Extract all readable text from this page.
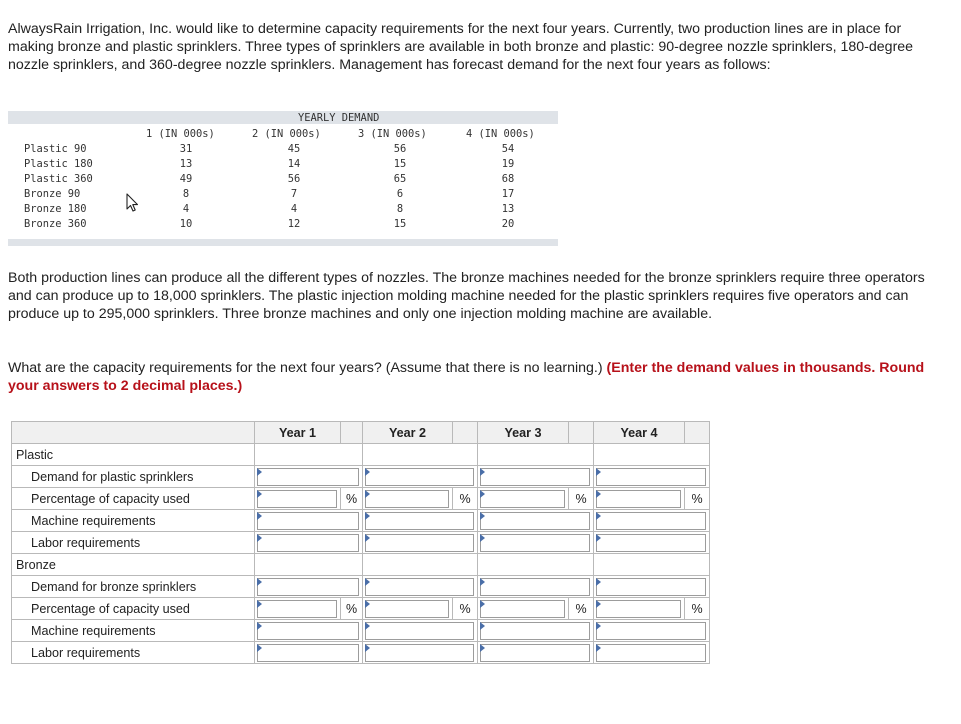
AlwaysRain Irrigation, Inc. would like to determine capacity requirements for the next four years. Currently, two production lines are in place for making bronze and plastic sprinklers. Three types of sprinklers are available in both bronze and plastic: 90-degree nozzle sprinklers, 180-degree nozzle sprinklers, and 360-degree nozzle sprinklers. Management has forecast demand for the next four years as follows:

YEARLY DEMAND
1 (IN 000s)	2 (IN 000s)	3 (IN 000s)	4 (IN 000s)
Plastic 90	31	45	56	54
Plastic 180	13	14	15	19
Plastic 360	49	56	65	68
Bronze 90	8	7	6	17
Bronze 180	4	4	8	13
Bronze 360	10	12	15	20

Both production lines can produce all the different types of nozzles. The bronze machines needed for the bronze sprinklers require three operators and can produce up to 18,000 sprinklers. The plastic injection molding machine needed for the plastic sprinklers requires five operators and can produce up to 295,000 sprinklers. Three bronze machines and only one injection molding machine are available.

What are the capacity requirements for the next four years? (Assume that there is no learning.) (Enter the demand values in thousands. Round your answers to 2 decimal places.)

	Year 1		Year 2		Year 3		Year 4	
Plastic								
Demand for plastic sprinklers	

Percentage of capacity used		%		%		%		%
Machine requirements	

Labor requirements	

Bronze								
Demand for bronze sprinklers	

Percentage of capacity used		%		%		%		%
Machine requirements	

Labor requirements	
